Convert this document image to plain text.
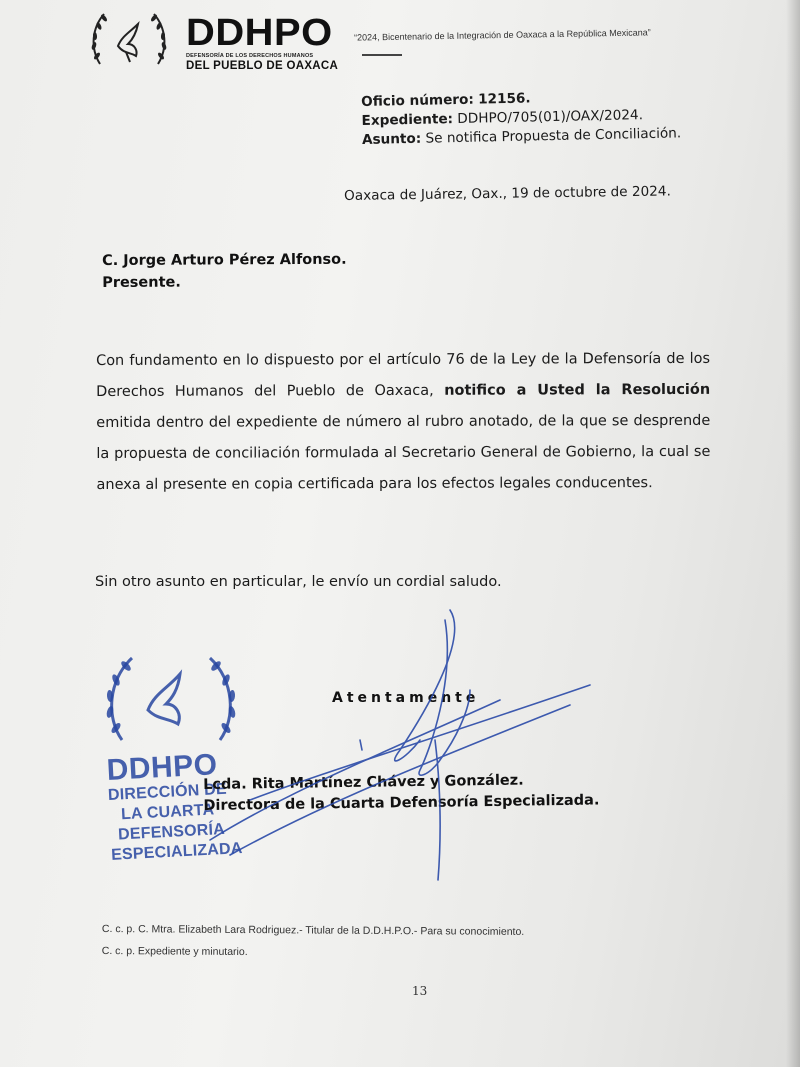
DDHPO
DEFENSORÍA DE LOS DERECHOS HUMANOS
DEL PUEBLO DE OAXACA
“2024, Bicentenario de la Integración de Oaxaca a la República Mexicana”
Oficio número: 12156.
Expediente: DDHPO/705(01)/OAX/2024.
Asunto: Se notifica Propuesta de Conciliación.
Oaxaca de Juárez, Oax., 19 de octubre de 2024.
C. Jorge Arturo Pérez Alfonso.
Presente.
Con fundamento en lo dispuesto por el artículo 76 de la Ley de la Defensoría de los Derechos Humanos del Pueblo de Oaxaca, notifico a Usted la Resolución emitida dentro del expediente de número al rubro anotado, de la que se desprende la propuesta de conciliación formulada al Secretario General de Gobierno, la cual se anexa al presente en copia certificada para los efectos legales conducentes.
Sin otro asunto en particular, le envío un cordial saludo.
DDHPO
DIRECCIÓN DE
LA CUARTA
DEFENSORÍA
ESPECIALIZADA
Atentamente
Lcda. Rita Martínez Chávez y González.
Directora de la Cuarta Defensoría Especializada.
C. c. p. C. Mtra. Elizabeth Lara Rodriguez.- Titular de la D.D.H.P.O.- Para su conocimiento.
C. c. p. Expediente y minutario.
13
